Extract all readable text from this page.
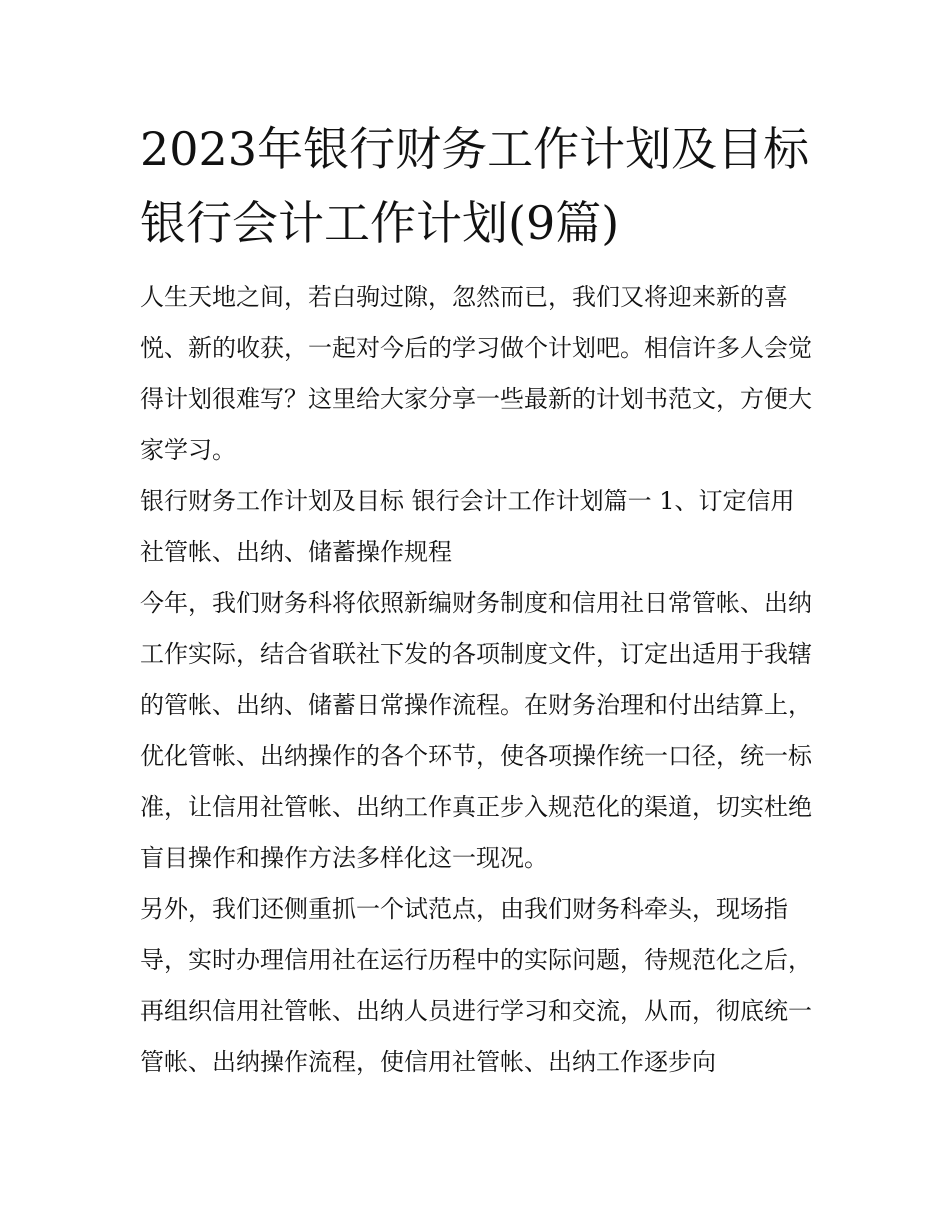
2023年银行财务工作计划及目标 银行会计工作计划(9篇)

人生天地之间，若白驹过隙，忽然而已，我们又将迎来新的喜悦、新的收获，一起对今后的学习做个计划吧。相信许多人会觉得计划很难写？这里给大家分享一些最新的计划书范文，方便大家学习。

银行财务工作计划及目标 银行会计工作计划篇一 1、订定信用社管帐、出纳、储蓄操作规程

今年，我们财务科将依照新编财务制度和信用社日常管帐、出纳工作实际，结合省联社下发的各项制度文件，订定出适用于我辖的管帐、出纳、储蓄日常操作流程。在财务治理和付出结算上，优化管帐、出纳操作的各个环节，使各项操作统一口径，统一标准，让信用社管帐、出纳工作真正步入规范化的渠道，切实杜绝盲目操作和操作方法多样化这一现况。

另外，我们还侧重抓一个试范点，由我们财务科牵头，现场指导，实时办理信用社在运行历程中的实际问题，待规范化之后，再组织信用社管帐、出纳人员进行学习和交流，从而，彻底统一管帐、出纳操作流程，使信用社管帐、出纳工作逐步向
